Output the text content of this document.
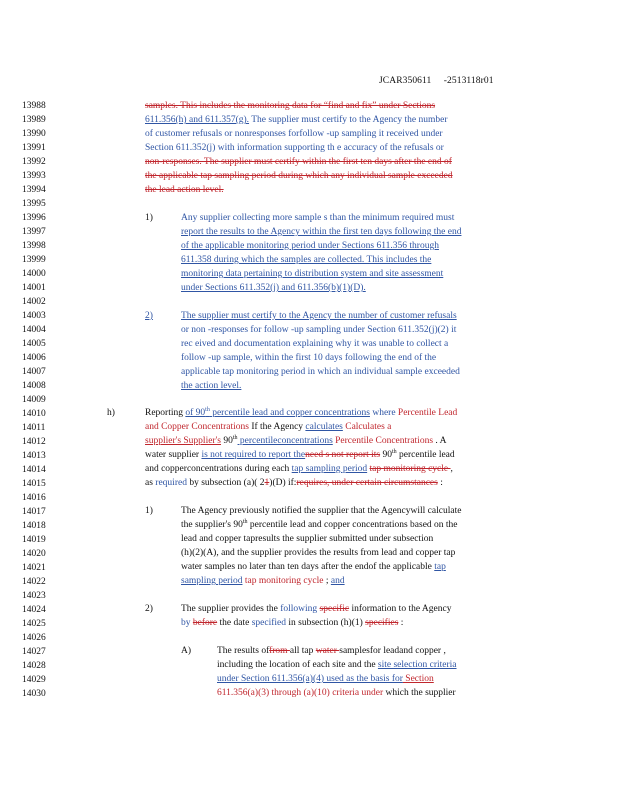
JCAR350611 -2513118r01
13988
13989
13990
13991
13992
13993
13994
13995
13996
13997
13998
13999
14000
14001
14002
14003
14004
14005
14006
14007
14008
14009
14010
14011
14012
14013
14014
14015
14016
14017
14018
14019
14020
14021
14022
14023
14024
14025
14026
14027
14028
14029
14030
1)
2)
h)
1)
2)
A)
samples. This includes the monitoring data for “find and fix” under Sections
611.356(h) and 611.357(g). The supplier must certify to the Agency the number
of customer refusals or nonresponses forfollow -up sampling it received under
Section 611.352(j) with information supporting th e accuracy of the refusals or
non-responses. The supplier must certify within the first ten days after the end of
the applicable tap sampling period during which any individual sample exceeded
the lead action level.
Any supplier collecting more sample s than the minimum required must
report the results to the Agency within the first ten days following the end
of the applicable monitoring period under Sections 611.356 through
611.358 during which the samples are collected. This includes the
monitoring data pertaining to distribution system and site assessment
under Sections 611.352(j) and 611.356(b)(1)(D).
The supplier must certify to the Agency the number of customer refusals
or non -responses for follow -up sampling under Section 611.352(j)(2) it
rec eived and documentation explaining why it was unable to collect a
follow -up sample, within the first 10 days following the end of the
applicable tap monitoring period in which an individual sample exceeded
the action level.
Reporting of 90th percentile lead and copper concentrations where Percentile Lead
and Copper Concentrations If the Agency calculates Calculates a
supplier's Supplier's 90th percentileconcentrations Percentile Concentrations . A
water supplier is not required to report theneed s not report its 90th percentile lead
and copperconcentrations during each tap sampling period tap monitoring cycle ,
as required by subsection (a)( 21)(D) if:requires, under certain circumstances :
The Agency previously notified the supplier that the Agencywill calculate
the supplier's 90th percentile lead and copper concentrations based on the
lead and copper tapresults the supplier submitted under subsection
(h)(2)(A), and the supplier provides the results from lead and copper tap
water samples no later than ten days after the endof the applicable tap
sampling period tap monitoring cycle ; and
The supplier provides the following specific information to the Agency
by before the date specified in subsection (h)(1) specifies :
The results offrom all tap water samplesfor leadand copper ,
including the location of each site and the site selection criteria
under Section 611.356(a)(4) used as the basis for Section
611.356(a)(3) through (a)(10) criteria under which the supplier
